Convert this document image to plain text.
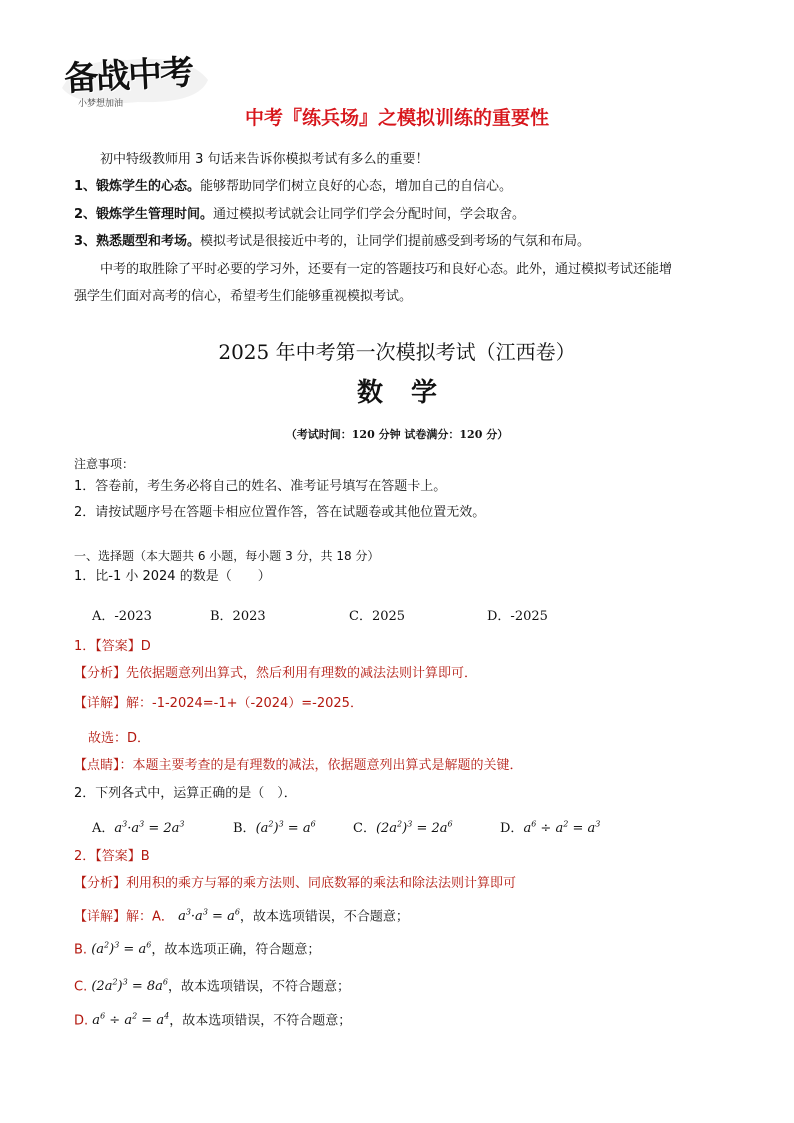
备战中考
小梦想加油
中考『练兵场』之模拟训练的重要性
初中特级教师用 3 句话来告诉你模拟考试有多么的重要！
1、锻炼学生的心态。能够帮助同学们树立良好的心态，增加自己的自信心。
2、锻炼学生管理时间。通过模拟考试就会让同学们学会分配时间，学会取舍。
3、熟悉题型和考场。模拟考试是很接近中考的，让同学们提前感受到考场的气氛和布局。
中考的取胜除了平时必要的学习外，还要有一定的答题技巧和良好心态。此外，通过模拟考试还能增
强学生们面对高考的信心，希望考生们能够重视模拟考试。
2025 年中考第一次模拟考试（江西卷）
数学
（考试时间：120 分钟 试卷满分：120 分）
注意事项：
1．答卷前，考生务必将自己的姓名、准考证号填写在答题卡上。
2．请按试题序号在答题卡相应位置作答，答在试题卷或其他位置无效。
一、选择题（本大题共 6 小题，每小题 3 分，共 18 分）
1．比-1 小 2024 的数是（　　）
A．-2023	B．2023	C．2025	D．-2025
1．【答案】D
【分析】先依据题意列出算式，然后利用有理数的减法法则计算即可．
【详解】解：-1-2024=-1+（-2024）=-2025．
故选：D．
【点睛】：本题主要考查的是有理数的减法，依据题意列出算式是解题的关键．
2．下列各式中，运算正确的是（　）．
A．$a^3\cdot a^3 = 2a^3$	B．$(a^2)^3 = a^6$	C．$(2a^2)^3 = 2a^6$	D．$a^6 \div a^2 = a^3$
2．【答案】B
【分析】利用积的乘方与幂的乘方法则、同底数幂的乘法和除法法则计算即可
【详解】解：A． $a^3\cdot a^3 = a^6$，故本选项错误，不合题意；
B. $(a^2)^3 = a^6$，故本选项正确，符合题意；
C. $(2a^2)^3 = 8a^6$，故本选项错误，不符合题意；
D. $a^6 \div a^2 = a^4$，故本选项错误，不符合题意；
